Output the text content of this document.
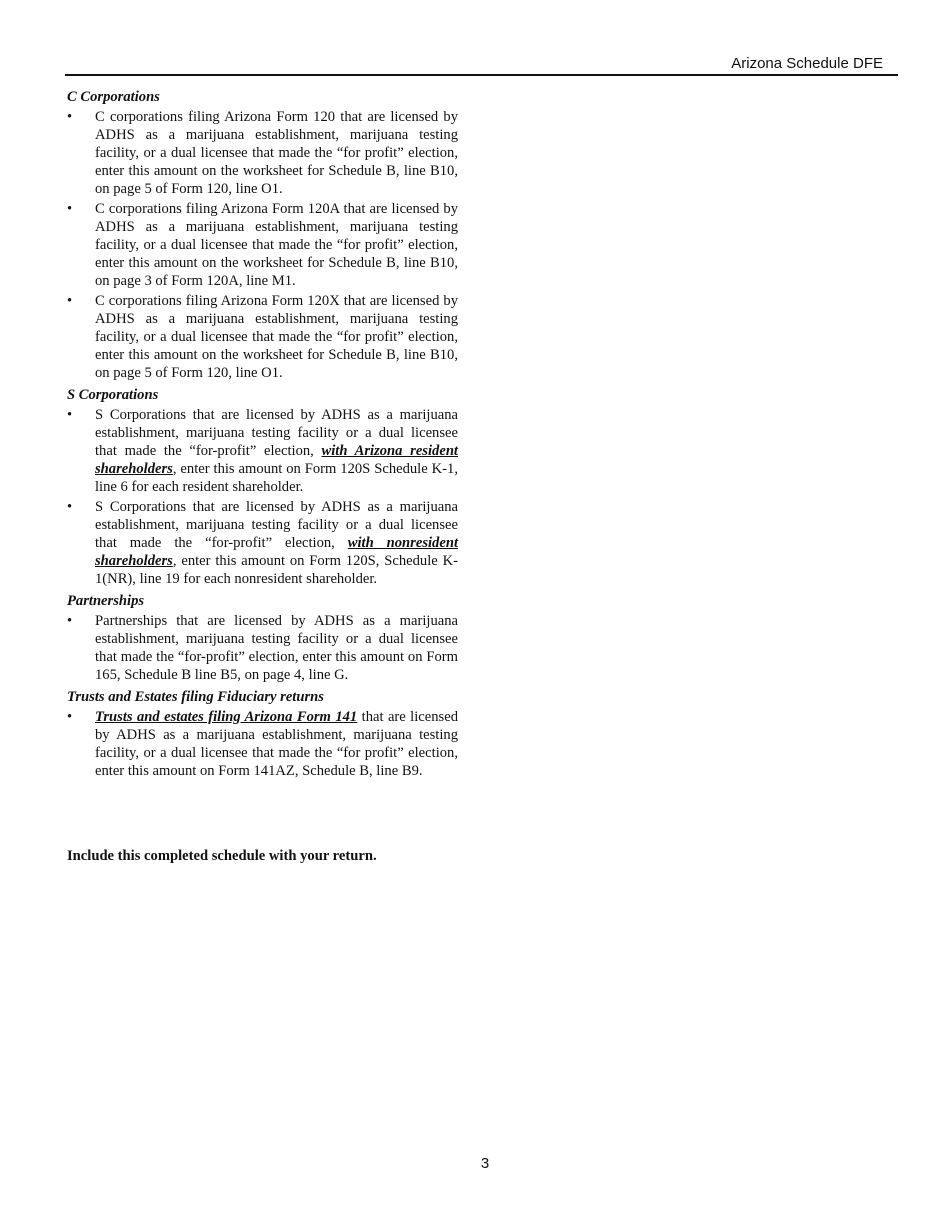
Arizona Schedule DFE
C Corporations
• C corporations filing Arizona Form 120 that are licensed by ADHS as a marijuana establishment, marijuana testing facility, or a dual licensee that made the “for profit” election, enter this amount on the worksheet for Schedule B, line B10, on page 5 of Form 120, line O1.
• C corporations filing Arizona Form 120A that are licensed by ADHS as a marijuana establishment, marijuana testing facility, or a dual licensee that made the “for profit” election, enter this amount on the worksheet for Schedule B, line B10, on page 3 of Form 120A, line M1.
• C corporations filing Arizona Form 120X that are licensed by ADHS as a marijuana establishment, marijuana testing facility, or a dual licensee that made the “for profit” election, enter this amount on the worksheet for Schedule B, line B10, on page 5 of Form 120, line O1.
S Corporations
• S Corporations that are licensed by ADHS as a marijuana establishment, marijuana testing facility or a dual licensee that made the “for-profit” election, with Arizona resident shareholders, enter this amount on Form 120S Schedule K-1, line 6 for each resident shareholder.
• S Corporations that are licensed by ADHS as a marijuana establishment, marijuana testing facility or a dual licensee that made the “for-profit” election, with nonresident shareholders, enter this amount on Form 120S, Schedule K-1(NR), line 19 for each nonresident shareholder.
Partnerships
• Partnerships that are licensed by ADHS as a marijuana establishment, marijuana testing facility or a dual licensee that made the “for-profit” election, enter this amount on Form 165, Schedule B line B5, on page 4, line G.
Trusts and Estates filing Fiduciary returns
• Trusts and estates filing Arizona Form 141 that are licensed by ADHS as a marijuana establishment, marijuana testing facility, or a dual licensee that made the “for profit” election, enter this amount on Form 141AZ, Schedule B, line B9.
Include this completed schedule with your return.
3
